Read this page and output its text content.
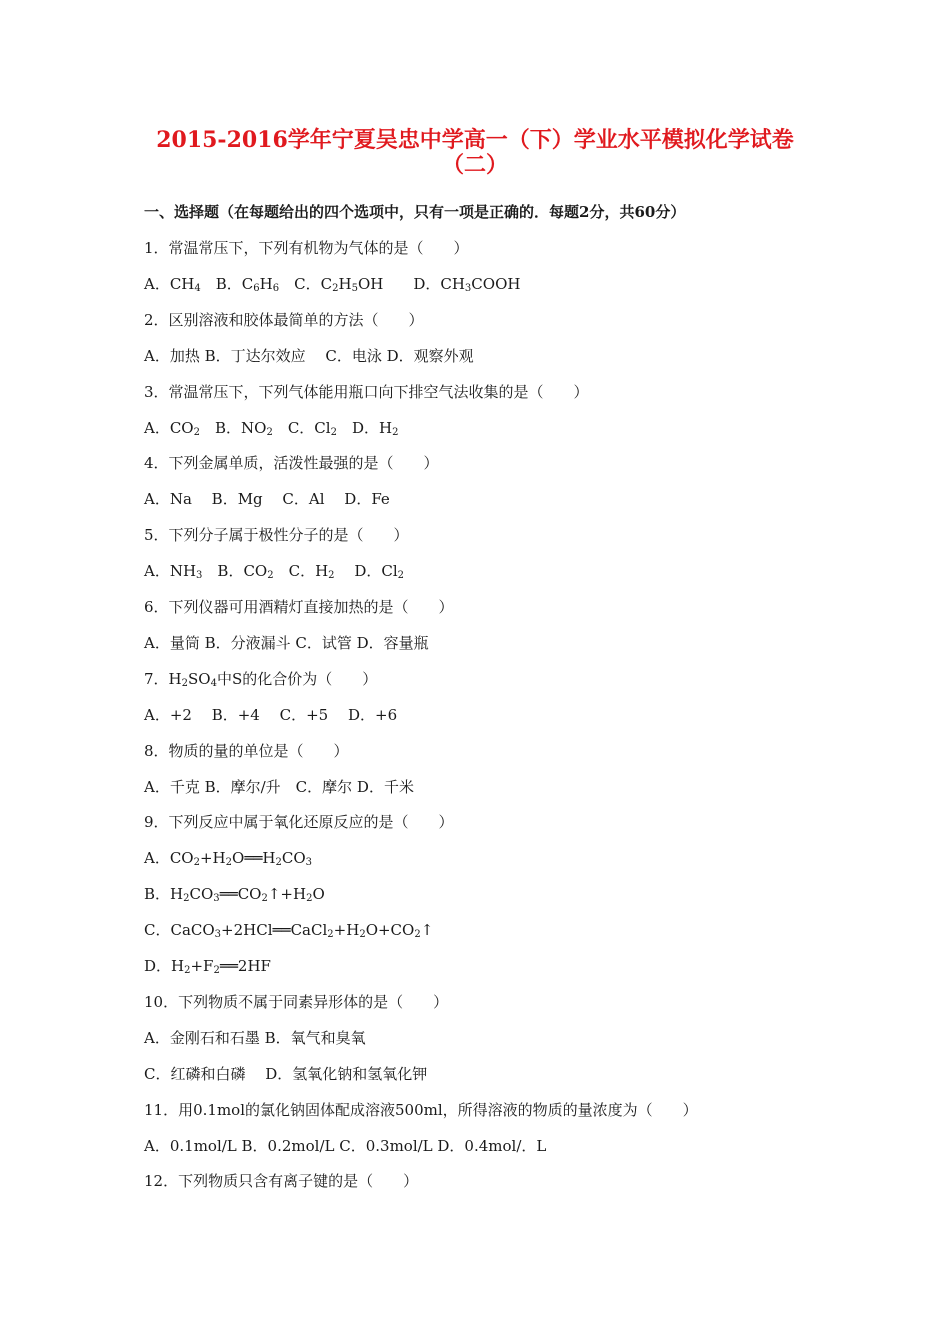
2015-2016学年宁夏吴忠中学高一（下）学业水平模拟化学试卷
（二）
一、选择题（在每题给出的四个选项中，只有一项是正确的．每题2分，共60分）
1．常温常压下，下列有机物为气体的是（　　）
A．$CH_4$　B．$C_6H_6$　C．$C_2H_5OH$　　D．$CH_3COOH$
2．区别溶液和胶体最简单的方法（　　）
A．加热 B．丁达尔效应　 C．电泳 D．观察外观
3．常温常压下，下列气体能用瓶口向下排空气法收集的是（　　）
A．$CO_2$　B．$NO_2$　C．$Cl_2$　D．$H_2$
4．下列金属单质，活泼性最强的是（　　）
A．Na　 B．Mg　 C．Al　 D．Fe
5．下列分子属于极性分子的是（　　）
A．$NH_3$　B．$CO_2$　C．$H_2$　 D．$Cl_2$
6．下列仪器可用酒精灯直接加热的是（　　）
A．量筒 B．分液漏斗 C．试管 D．容量瓶
7．$H_2SO_4$中S的化合价为（　　）
A．+2　 B．+4　 C．+5　 D．+6
8．物质的量的单位是（　　）
A．千克 B．摩尔/升　C．摩尔 D．千米
9．下列反应中属于氧化还原反应的是（　　）
A．$CO_2+H_2O══H_2CO_3$
B．$H_2CO_3══CO_2↑+H_2O$
C．$CaCO_3+2HCl══CaCl_2+H_2O+CO_2↑$
D．$H_2+F_2══2HF$
10．下列物质不属于同素异形体的是（　　）
A．金刚石和石墨 B．氧气和臭氧
C．红磷和白磷　 D．氢氧化钠和氢氧化钾
11．用0.1mol的氯化钠固体配成溶液500ml，所得溶液的物质的量浓度为（　　）
A．0.1mol/L B．0.2mol/L C．0.3mol/L D．0.4mol/．L
12．下列物质只含有离子键的是（　　）
